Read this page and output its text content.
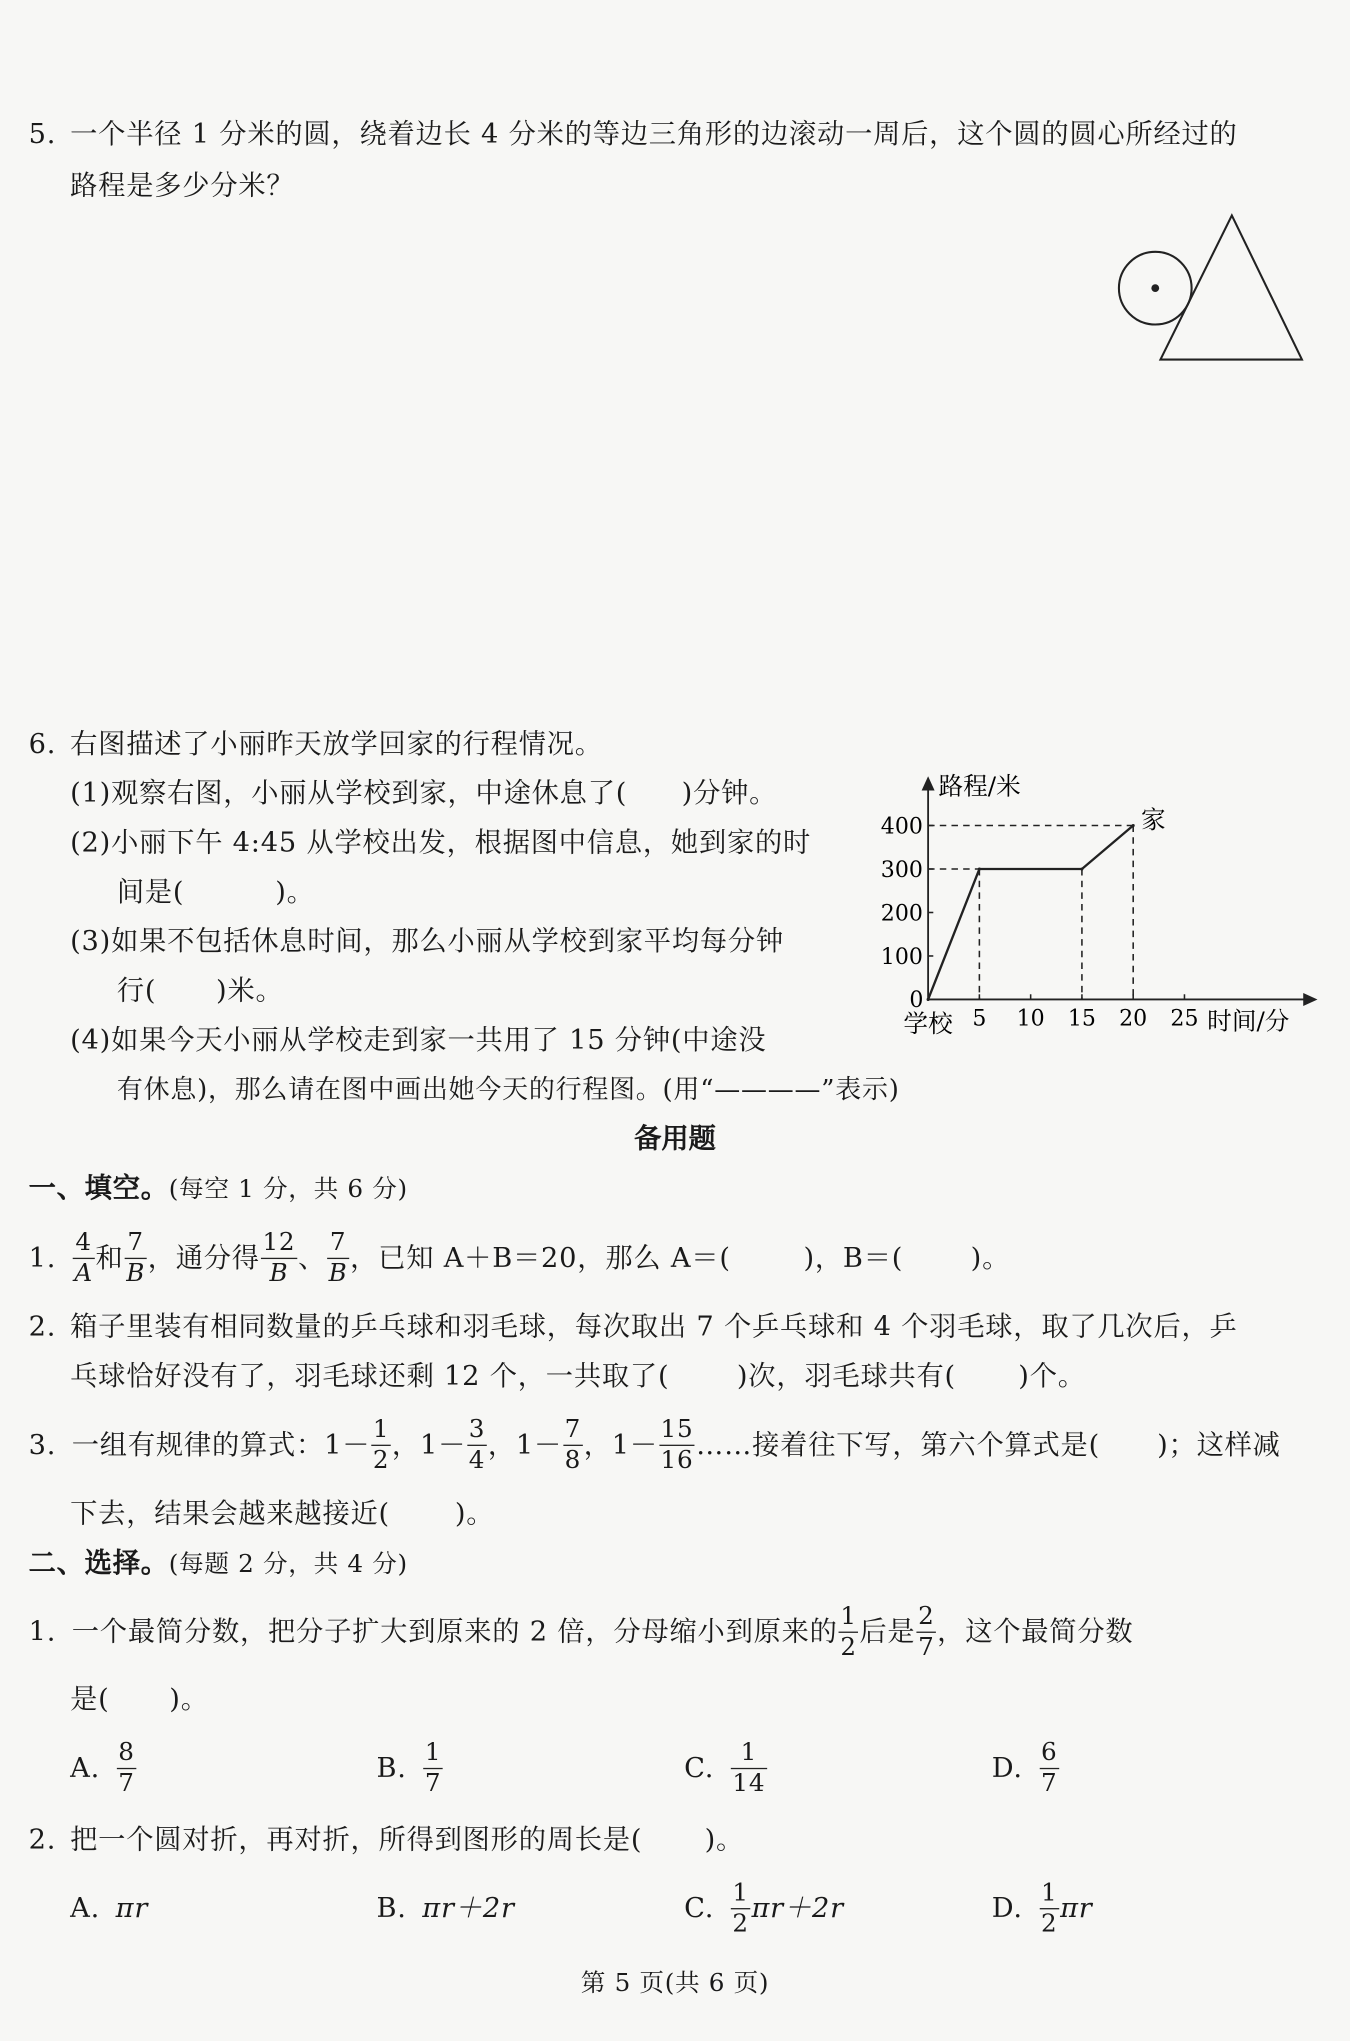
5. 一个半径 1 分米的圆，绕着边长 4 分米的等边三角形的边滚动一周后，这个圆的圆心所经过的
路程是多少分米？
6. 右图描述了小丽昨天放学回家的行程情况。
(1)观察右图，小丽从学校到家，中途休息了(	)分钟。
(2)小丽下午 4:45 从学校出发，根据图中信息，她到家的时
间是(	)。
(3)如果不包括休息时间，那么小丽从学校到家平均每分钟
行(	)米。
(4)如果今天小丽从学校走到家一共用了 15 分钟(中途没
有休息)，那么请在图中画出她今天的行程图。(用“————”表示)
5 10 15 20 25
100
200
300
400
路程/米
时间/分
学校
0
家
备用题
一、填空。(每空 1 分，共 6 分)
1.
4
A 和
7
B ，通分得
12
B 、
7
B ，已知 A＋B＝20，那么 A＝(	)，B＝(	)。
2. 箱子里装有相同数量的乒乓球和羽毛球，每次取出 7 个乒乓球和 4 个羽毛球，取了几次后，乒
乓球恰好没有了，羽毛球还剩 12 个，一共取了(	)次，羽毛球共有(	)个。
3. 一组有规律的算式： 1－
1
2 ， 1－
3
4 ， 1－
7
8 ， 1－
15
16 ……接着往下写，第六个算式是(	)；这样减
下去，结果会越来越接近(	)。
二、选择。(每题 2 分，共 4 分)
1. 一个最简分数，把分子扩大到原来的 2 倍，分母缩小到原来的
1
2 后是
2
7 ，这个最简分数
是(	)。
A.
8
7	B.
1
7	C.
1
14	D.
6
7
2. 把一个圆对折，再对折，所得到图形的周长是(	)。
A. πr	B. πr＋2r	C.
1
2 πr＋2r	D.
1
2 πr
第 5 页(共 6 页)
